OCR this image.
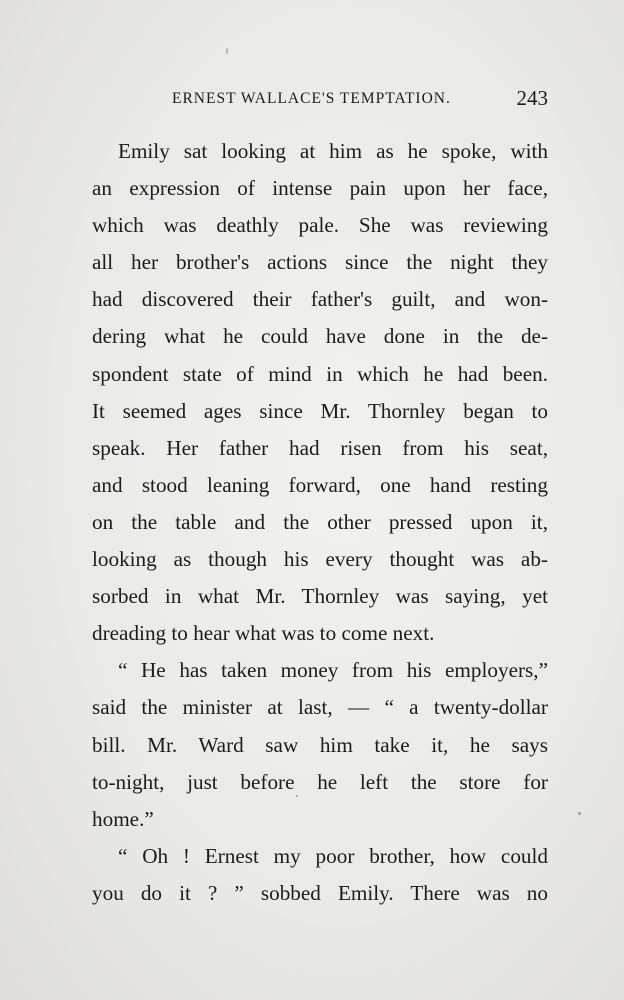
ERNEST WALLACE'S TEMPTATION.	243
Emily sat looking at him as he spoke, with
an expression of intense pain upon her face,
which was deathly pale. She was reviewing
all her brother's actions since the night they
had discovered their father's guilt, and won-
dering what he could have done in the de-
spondent state of mind in which he had been.
It seemed ages since Mr. Thornley began to
speak. Her father had risen from his seat,
and stood leaning forward, one hand resting
on the table and the other pressed upon it,
looking as though his every thought was ab-
sorbed in what Mr. Thornley was saying, yet
dreading to hear what was to come next.
“ He has taken money from his employers,”
said the minister at last, — “ a twenty-dollar
bill. Mr. Ward saw him take it, he says
to-night, just before he left the store for
home.”
“ Oh ! Ernest my poor brother, how could
you do it ? ” sobbed Emily. There was no
